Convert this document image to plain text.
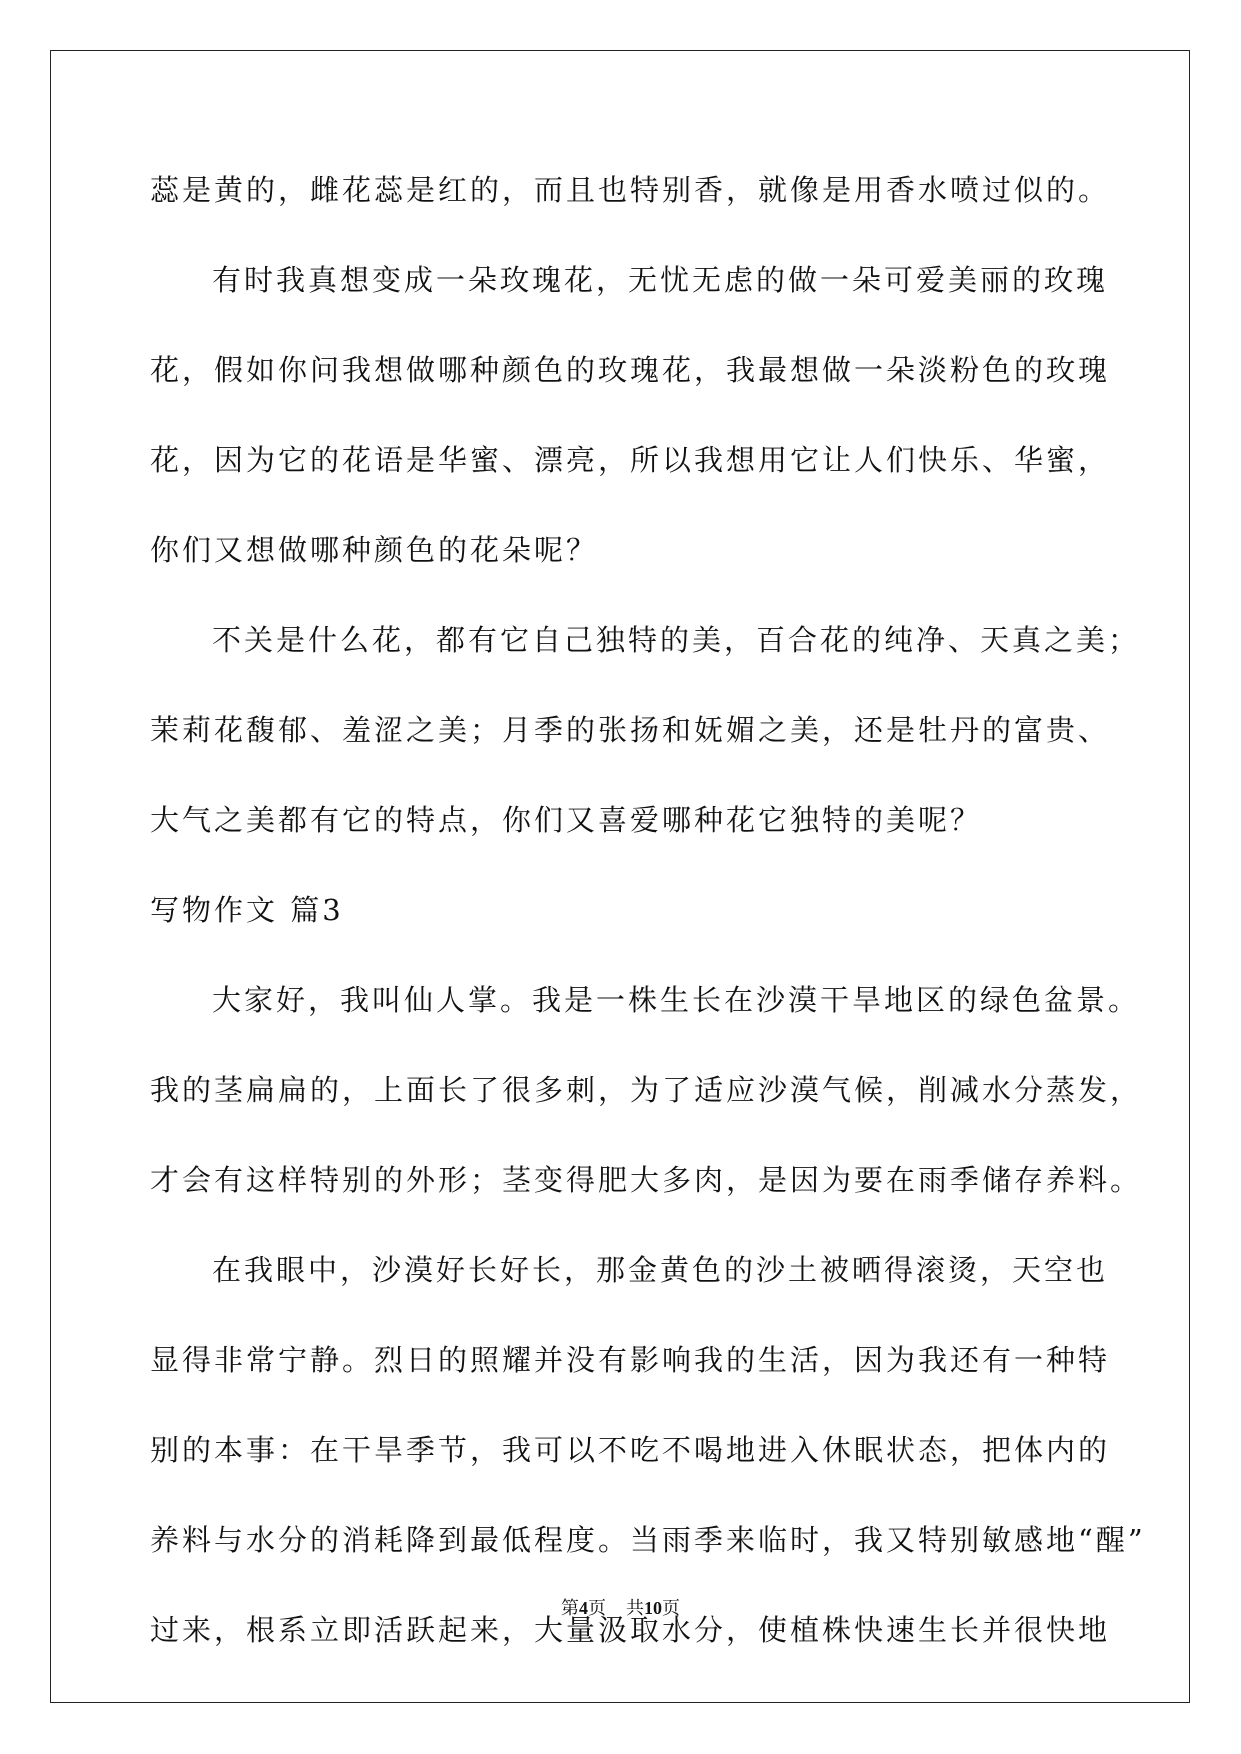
蕊是黄的，雌花蕊是红的，而且也特别香，就像是用香水喷过似的。
有时我真想变成一朵玫瑰花，无忧无虑的做一朵可爱美丽的玫瑰
花，假如你问我想做哪种颜色的玫瑰花，我最想做一朵淡粉色的玫瑰
花，因为它的花语是华蜜、漂亮，所以我想用它让人们快乐、华蜜，
你们又想做哪种颜色的花朵呢？
不关是什么花，都有它自己独特的美，百合花的纯净、天真之美；
茉莉花馥郁、羞涩之美；月季的张扬和妩媚之美，还是牡丹的富贵、
大气之美都有它的特点，你们又喜爱哪种花它独特的美呢？
写物作文 篇3
大家好，我叫仙人掌。我是一株生长在沙漠干旱地区的绿色盆景。
我的茎扁扁的，上面长了很多刺，为了适应沙漠气候，削减水分蒸发，
才会有这样特别的外形；茎变得肥大多肉，是因为要在雨季储存养料。
在我眼中，沙漠好长好长，那金黄色的沙土被晒得滚烫，天空也
显得非常宁静。烈日的照耀并没有影响我的生活，因为我还有一种特
别的本事：在干旱季节，我可以不吃不喝地进入休眠状态，把体内的
养料与水分的消耗降到最低程度。当雨季来临时，我又特别敏感地“醒”
过来，根系立即活跃起来，大量汲取水分，使植株快速生长并很快地
第4页 共10页
